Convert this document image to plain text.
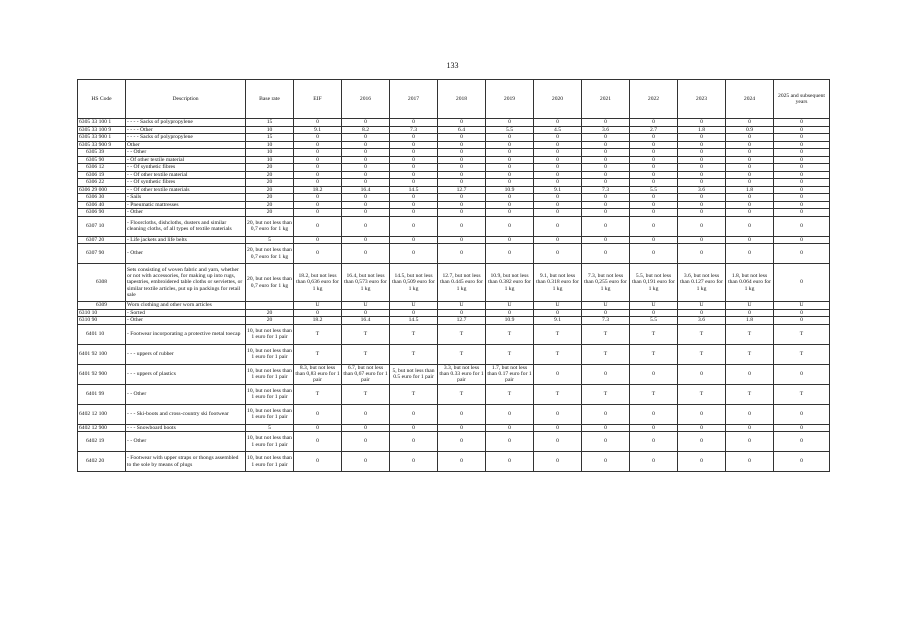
133
HS Code	Description	Base rate	EIF	2016	2017	2018	2019	2020	2021	2022	2023	2024	2025 and subsequent years
6305 33 100 1	- - - - Sacks of polypropylene	15	0	0	0	0	0	0	0	0	0	0	0
6305 33 100 9	- - - - Other	10	9.1	8.2	7.3	6.4	5.5	4.5	3.6	2.7	1.8	0.9	0
6305 33 900 1	- - - - Sacks of polypropylene	15	0	0	0	0	0	0	0	0	0	0	0
6305 33 900 9	Other	10	0	0	0	0	0	0	0	0	0	0	0
6305 39	- - Other	10	0	0	0	0	0	0	0	0	0	0	0
6305 90	- Of other textile material	10	0	0	0	0	0	0	0	0	0	0	0
6306 12	- - Of synthetic fibres	20	0	0	0	0	0	0	0	0	0	0	0
6306 19	- - Of other textile material	20	0	0	0	0	0	0	0	0	0	0	0
6306 22	- - Of synthetic fibres	20	0	0	0	0	0	0	0	0	0	0	0
6306 29 000	- - Of other textile materials	20	18.2	16.4	14.5	12.7	10.9	9.1	7.3	5.5	3.6	1.8	0
6306 30	- Sails	20	0	0	0	0	0	0	0	0	0	0	0
6306 40	- Pneumatic mattresses	20	0	0	0	0	0	0	0	0	0	0	0
6306 90	- Other	20	0	0	0	0	0	0	0	0	0	0	0
6307 10	- Floorcloths, dishcloths, dusters and similar cleaning cloths, of all types of textile materials	20, but not less than 0,7 euro for 1 kg	0	0	0	0	0	0	0	0	0	0	0
6307 20	- Life jackets and life belts	5	0	0	0	0	0	0	0	0	0	0	0
6307 90	- Other	20, but not less than 0,7 euro for 1 kg	0	0	0	0	0	0	0	0	0	0	0
6308	Sets consisting of woven fabric and yarn, whether or not with accessories, for making up into rugs, tapestries, embroidered table cloths or serviettes, or similar textile articles, put up in packings for retail sale	20, but not less than 0,7 euro for 1 kg	18.2, but not less than 0,636 euro for 1 kg	16.4, but not less than 0,573 euro for 1 kg	14.5, but not less than 0,509 euro for 1 kg	12.7, but not less than 0.445 euro for 1 kg	10.9, but not less than 0.382 euro for 1 kg	9.1, but not less than 0.318 euro for 1 kg	7.3, but not less than 0,255 euro for 1 kg	5.5, but not less than 0,191 euro for 1 kg	3.6, but not less than 0.127 euro for 1 kg	1.8, but not less than 0.064 euro for 1 kg	0
6309	Worn clothing and other worn articles		U	U	U	U	U	U	U	U	U	U	U
6310 10	- Sorted	20	0	0	0	0	0	0	0	0	0	0	0
6310 90	- Other	20	18.2	16.4	14.5	12.7	10.9	9.1	7.3	5.5	3.6	1.8	0
6401 10	- Footwear incorporating a protective metal toecap	10, but not less than 1 euro for 1 pair	T	T	T	T	T	T	T	T	T	T	T
6401 92 100	- - - uppers of rubber	10, but not less than 1 euro for 1 pair	T	T	T	T	T	T	T	T	T	T	T
6401 92 900	- - - uppers of plastics	10, but not less than 1 euro for 1 pair	8.3, but not less than 0,83 euro for 1 pair	6.7, but not less than 0,67 euro for 1 pair	5, but not less than 0.5 euro for 1 pair	3.3, but not less than 0.33 euro for 1 pair	1.7, but not less than 0.17 euro for 1 pair	0	0	0	0	0	0
6401 99	- - Other	10, but not less than 1 euro for 1 pair	T	T	T	T	T	T	T	T	T	T	T
6402 12 100	- - - Ski-boots and cross-country ski footwear	10, but not less than 1 euro for 1 pair	0	0	0	0	0	0	0	0	0	0	0
6402 12 900	- - - Snowboard boots	5	0	0	0	0	0	0	0	0	0	0	0
6402 19	- - Other	10, but not less than 1 euro for 1 pair	0	0	0	0	0	0	0	0	0	0	0
6402 20	- Footwear with upper straps or thongs assembled to the sole by means of plugs	10, but not less than 1 euro for 1 pair	0	0	0	0	0	0	0	0	0	0	0
